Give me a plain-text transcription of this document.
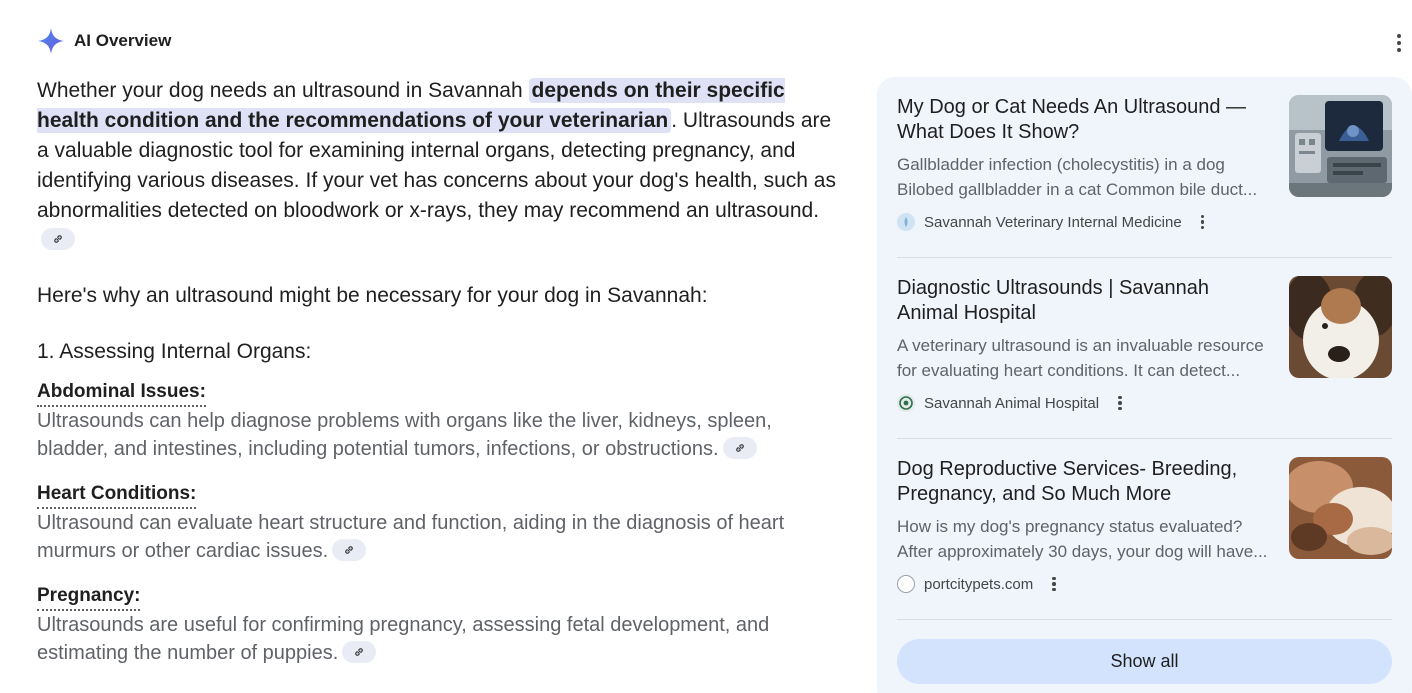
AI Overview

Whether your dog needs an ultrasound in Savannah depends on their specific health condition and the recommendations of your veterinarian . Ultrasounds are a valuable diagnostic tool for examining internal organs, detecting pregnancy, and identifying various diseases. If your vet has concerns about your dog's health, such as abnormalities detected on bloodwork or x-rays, they may recommend an ultrasound.

Here's why an ultrasound might be necessary for your dog in Savannah:

1. Assessing Internal Organs:
Abdominal Issues:

Ultrasounds can help diagnose problems with organs like the liver, kidneys, spleen, bladder, and intestines, including potential tumors, infections, or obstructions.

Heart Conditions:

Ultrasound can evaluate heart structure and function, aiding in the diagnosis of heart murmurs or other cardiac issues.

Pregnancy:

Ultrasounds are useful for confirming pregnancy, assessing fetal development, and estimating the number of puppies.

My Dog or Cat Needs An Ultrasound — What Does It Show?
Gallbladder infection (cholecystitis) in a dog
Bilobed gallbladder in a cat Common bile duct...
Savannah Veterinary Internal Medicine
Diagnostic Ultrasounds | Savannah Animal Hospital
A veterinary ultrasound is an invaluable resource
for evaluating heart conditions. It can detect...
Savannah Animal Hospital
Dog Reproductive Services- Breeding, Pregnancy, and So Much More
How is my dog's pregnancy status evaluated?
After approximately 30 days, your dog will have...
portcitypets.com
Show all
